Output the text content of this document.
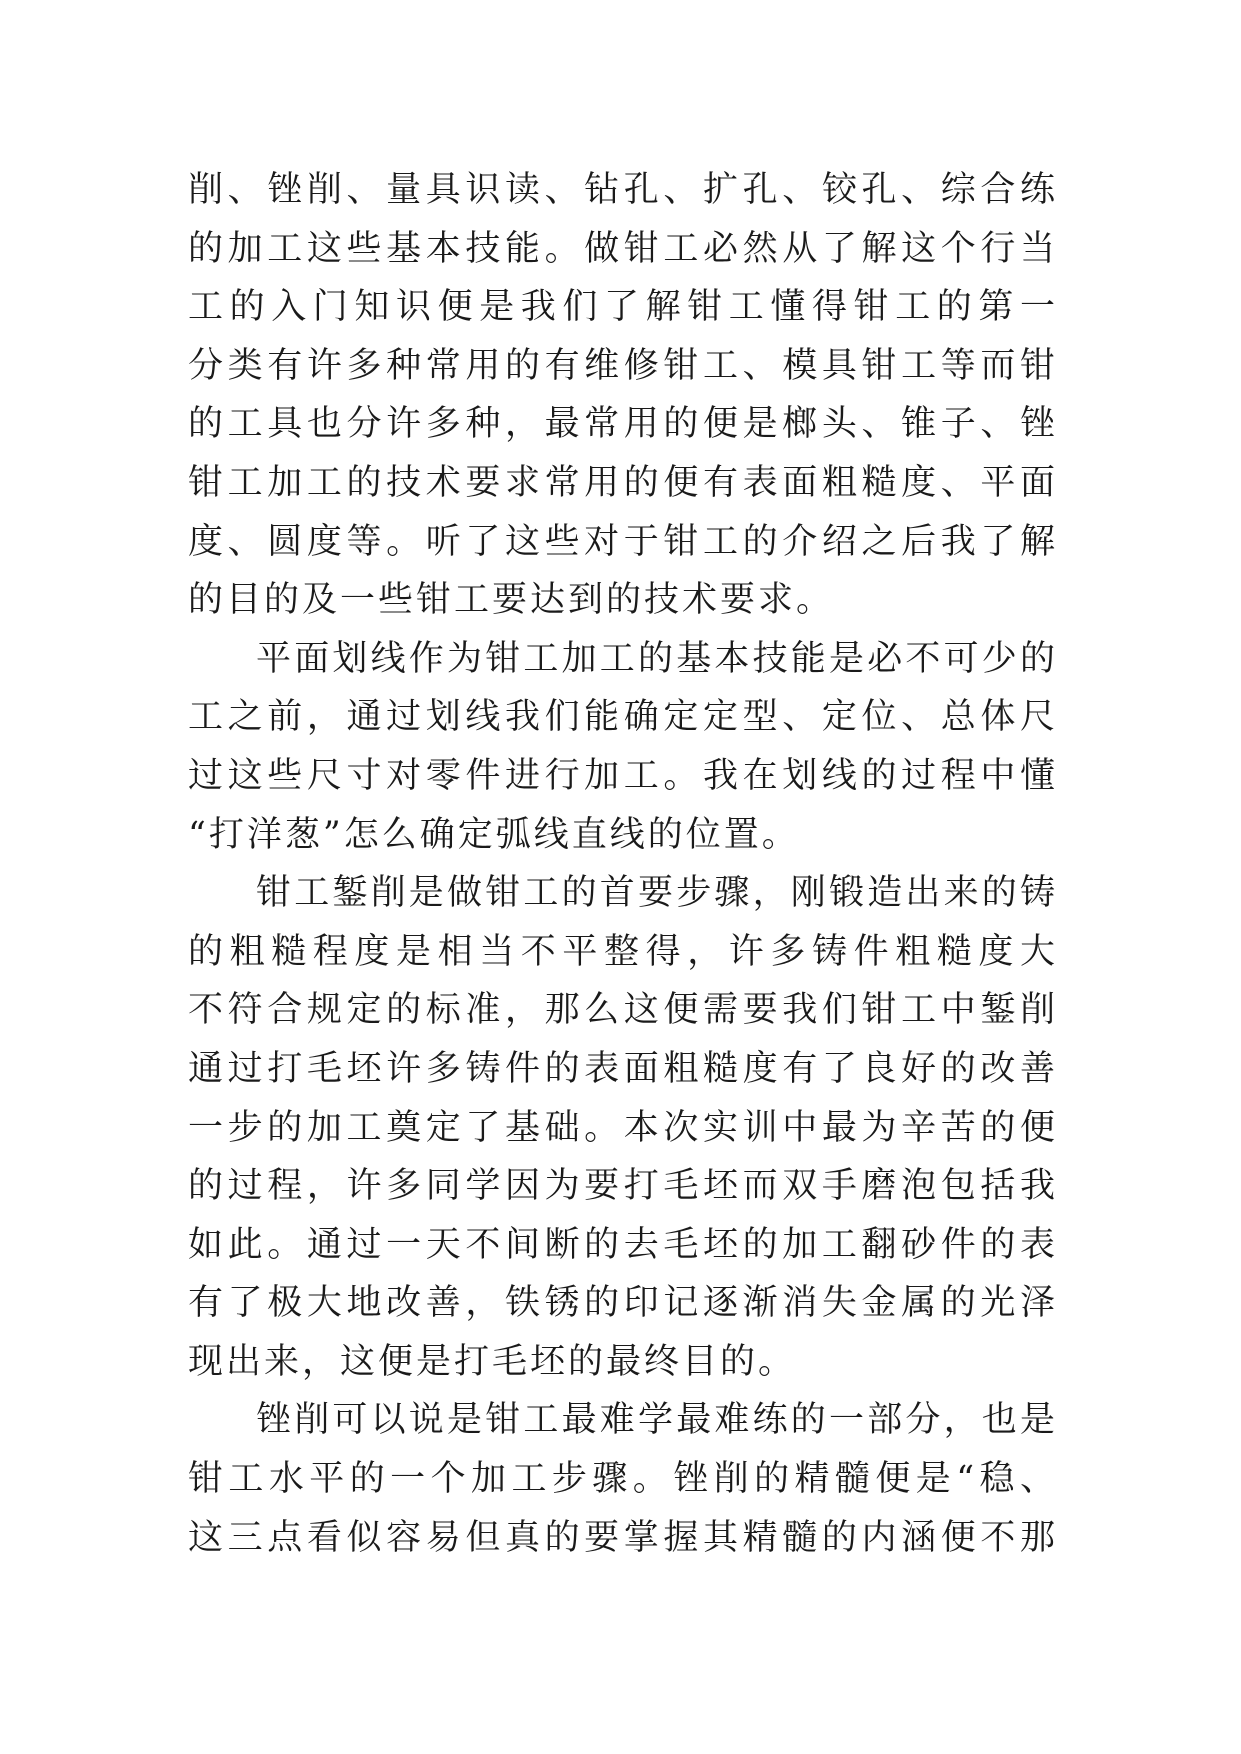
削、锉削、量具识读、钻孔、扩孔、铰孔、综合练
的加工这些基本技能。做钳工必然从了解这个行当
工的入门知识便是我们了解钳工懂得钳工的第一
分类有许多种常用的有维修钳工、模具钳工等而钳
的工具也分许多种，最常用的便是榔头、锥子、锉
钳工加工的技术要求常用的便有表面粗糙度、平面
度、圆度等。听了这些对于钳工的介绍之后我了解
的目的及一些钳工要达到的技术要求。
平面划线作为钳工加工的基本技能是必不可少的
工之前，通过划线我们能确定定型、定位、总体尺
过这些尺寸对零件进行加工。我在划线的过程中懂
“打洋葱”怎么确定弧线直线的位置。
钳工錾削是做钳工的首要步骤，刚锻造出来的铸
的粗糙程度是相当不平整得，许多铸件粗糙度大
不符合规定的标准，那么这便需要我们钳工中錾削
通过打毛坯许多铸件的表面粗糙度有了良好的改善
一步的加工奠定了基础。本次实训中最为辛苦的便
的过程，许多同学因为要打毛坯而双手磨泡包括我
如此。通过一天不间断的去毛坯的加工翻砂件的表
有了极大地改善，铁锈的印记逐渐消失金属的光泽
现出来，这便是打毛坯的最终目的。
锉削可以说是钳工最难学最难练的一部分，也是
钳工水平的一个加工步骤。锉削的精髓便是“稳、
这三点看似容易但真的要掌握其精髓的内涵便不那
